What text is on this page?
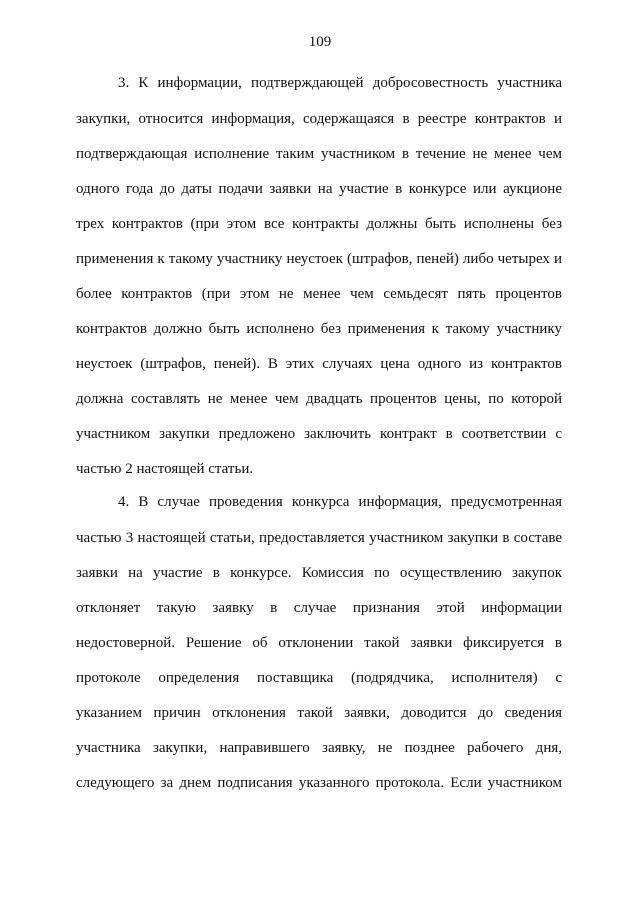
109
3. К информации, подтверждающей добросовестность участника
закупки, относится информация, содержащаяся в реестре контрактов и
подтверждающая исполнение таким участником в течение не менее чем
одного года до даты подачи заявки на участие в конкурсе или аукционе
трех контрактов (при этом все контракты должны быть исполнены без
применения к такому участнику неустоек (штрафов, пеней) либо четырех и
более контрактов (при этом не менее чем семьдесят пять процентов
контрактов должно быть исполнено без применения к такому участнику
неустоек (штрафов, пеней). В этих случаях цена одного из контрактов
должна составлять не менее чем двадцать процентов цены, по которой
участником закупки предложено заключить контракт в соответствии с
частью 2 настоящей статьи.
4. В случае проведения конкурса информация, предусмотренная
частью 3 настоящей статьи, предоставляется участником закупки в составе
заявки на участие в конкурсе. Комиссия по осуществлению закупок
отклоняет такую заявку в случае признания этой информации
недостоверной. Решение об отклонении такой заявки фиксируется в
протоколе определения поставщика (подрядчика, исполнителя) с
указанием причин отклонения такой заявки, доводится до сведения
участника закупки, направившего заявку, не позднее рабочего дня,
следующего за днем подписания указанного протокола. Если участником
